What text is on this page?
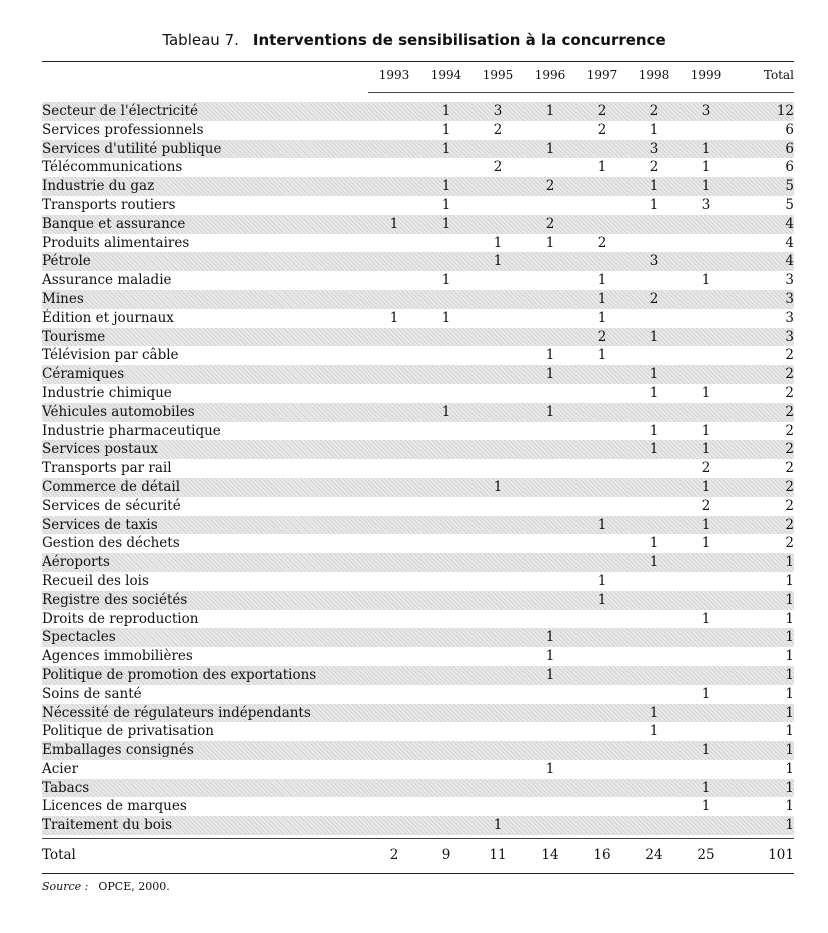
Tableau 7. Interventions de sensibilisation à la concurrence
	1993	1994	1995	1996	1997	1998	1999	Total
Secteur de l'électricité		1	3	1	2	2	3	12
Services professionnels		1	2		2	1		6
Services d'utilité publique		1		1		3	1	6
Télécommunications			2		1	2	1	6
Industrie du gaz		1		2		1	1	5
Transports routiers		1				1	3	5
Banque et assurance	1	1		2				4
Produits alimentaires			1	1	2			4
Pétrole			1			3		4
Assurance maladie		1			1		1	3
Mines					1	2		3
Édition et journaux	1	1			1			3
Tourisme					2	1		3
Télévision par câble				1	1			2
Céramiques				1		1		2
Industrie chimique						1	1	2
Véhicules automobiles		1		1				2
Industrie pharmaceutique						1	1	2
Services postaux						1	1	2
Transports par rail							2	2
Commerce de détail			1				1	2
Services de sécurité							2	2
Services de taxis					1		1	2
Gestion des déchets						1	1	2
Aéroports						1		1
Recueil des lois					1			1
Registre des sociétés					1			1
Droits de reproduction							1	1
Spectacles				1				1
Agences immobilières				1				1
Politique de promotion des exportations				1				1
Soins de santé							1	1
Nécessité de régulateurs indépendants						1		1
Politique de privatisation						1		1
Emballages consignés							1	1
Acier				1				1
Tabacs							1	1
Licences de marques							1	1
Traitement du bois			1					1
Total	2	9	11	14	16	24	25	101
Source : OPCE, 2000.
